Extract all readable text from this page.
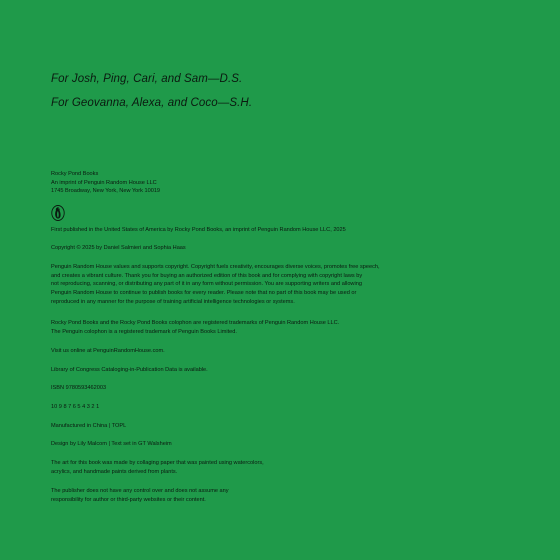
For Josh, Ping, Cari, and Sam—D.S.
For Geovanna, Alexa, and Coco—S.H.
Rocky Pond Books
An imprint of Penguin Random House LLC
1745 Broadway, New York, New York 10019
First published in the United States of America by Rocky Pond Books, an imprint of Penguin Random House LLC, 2025
Copyright © 2025 by Daniel Salmieri and Sophia Haas
Penguin Random House values and supports copyright. Copyright fuels creativity, encourages diverse voices, promotes free speech,
and creates a vibrant culture. Thank you for buying an authorized edition of this book and for complying with copyright laws by
not reproducing, scanning, or distributing any part of it in any form without permission. You are supporting writers and allowing
Penguin Random House to continue to publish books for every reader. Please note that no part of this book may be used or
reproduced in any manner for the purpose of training artificial intelligence technologies or systems.
Rocky Pond Books and the Rocky Pond Books colophon are registered trademarks of Penguin Random House LLC.
The Penguin colophon is a registered trademark of Penguin Books Limited.
Visit us online at PenguinRandomHouse.com.
Library of Congress Cataloging-in-Publication Data is available.
ISBN 9780593462003
10 9 8 7 6 5 4 3 2 1
Manufactured in China | TOPL
Design by Lily Malcom | Text set in GT Walsheim
The art for this book was made by collaging paper that was painted using watercolors,
acrylics, and handmade paints derived from plants.
The publisher does not have any control over and does not assume any
responsibility for author or third-party websites or their content.
